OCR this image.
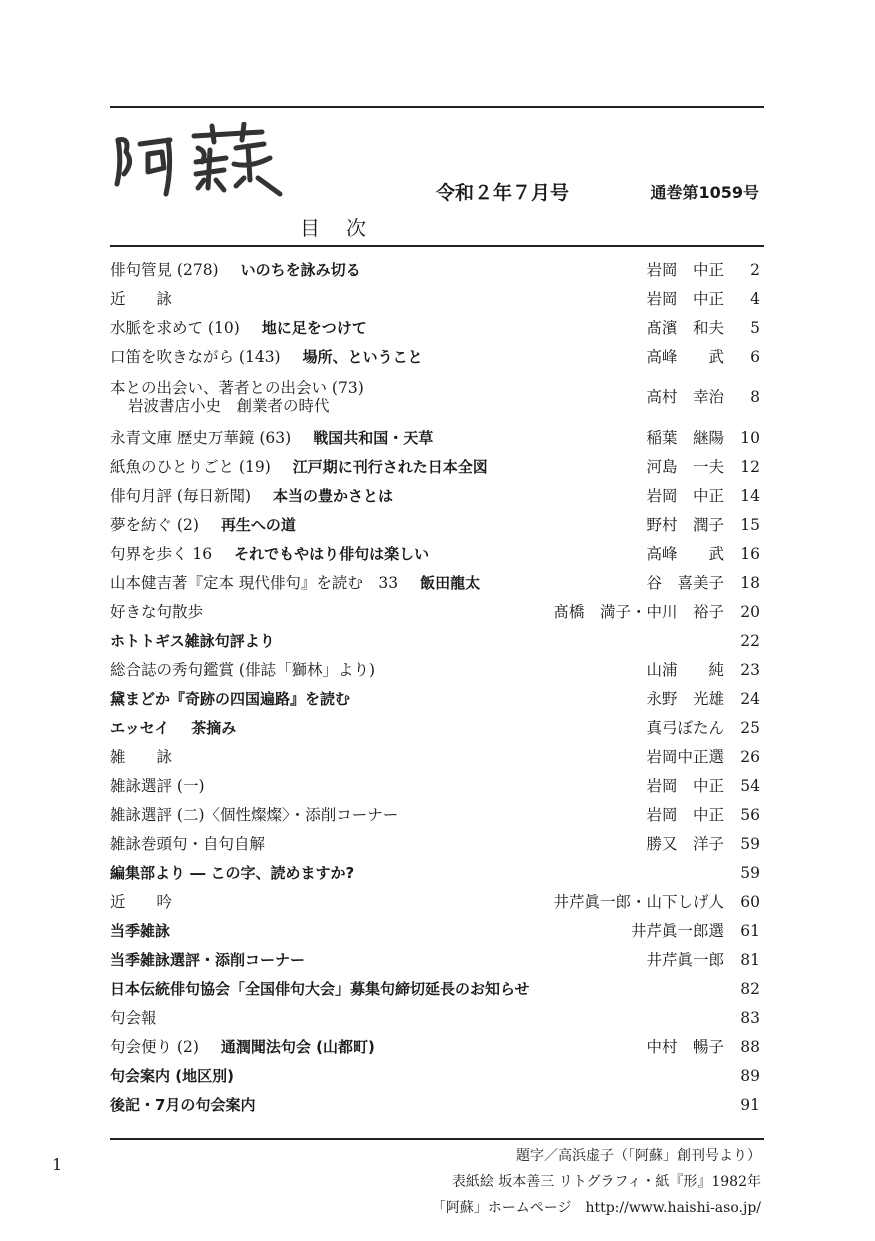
令和２年７月号	通巻第1059号
目次
俳句管見 (278) いのちを詠み切る	岩岡　中正	2
近　　詠	岩岡　中正	4
水脈を求めて (10) 地に足をつけて	髙濱　和夫	5
口笛を吹きながら (143) 場所、ということ	高峰　　武	6
本との出会い、著者との出会い (73)
岩波書店小史　創業者の時代	高村　幸治	8
永青文庫 歴史万華鏡 (63) 戦国共和国・天草	稲葉　継陽	10
紙魚のひとりごと (19) 江戸期に刊行された日本全図	河島　一夫	12
俳句月評 (毎日新聞) 本当の豊かさとは	岩岡　中正	14
夢を紡ぐ (2) 再生への道	野村　潤子	15
句界を歩く 16 それでもやはり俳句は楽しい	高峰　　武	16
山本健吉著『定本 現代俳句』を読む　33 飯田龍太	谷　喜美子	18
好きな句散歩	髙橋　満子・中川　裕子	20
ホトトギス雑詠句評より	22
総合誌の秀句鑑賞 (俳誌「獅林」より)	山浦　　純	23
黛まどか『奇跡の四国遍路』を読む	永野　光雄	24
エッセイ 茶摘み	真弓ぼたん	25
雑　　詠	岩岡中正選	26
雑詠選評 (一)	岩岡　中正	54
雑詠選評 (二)〈個性燦燦〉・添削コーナー	岩岡　中正	56
雑詠巻頭句・自句自解	勝又　洋子	59
編集部より ― この字、読めますか?	59
近　　吟	井芹眞一郎・山下しげ人	60
当季雑詠	井芹眞一郎選	61
当季雑詠選評・添削コーナー	井芹眞一郎	81
日本伝統俳句協会「全国俳句大会」募集句締切延長のお知らせ	82
句会報	83
句会便り (2) 通潤聞法句会 (山都町)	中村　暢子	88
句会案内 (地区別)	89
後記・7月の句会案内	91
1	題字／高浜虚子（「阿蘇」創刊号より）
表紙絵 坂本善三 リトグラフィ・紙『形』1982年
「阿蘇」ホームページ　http://www.haishi-aso.jp/
